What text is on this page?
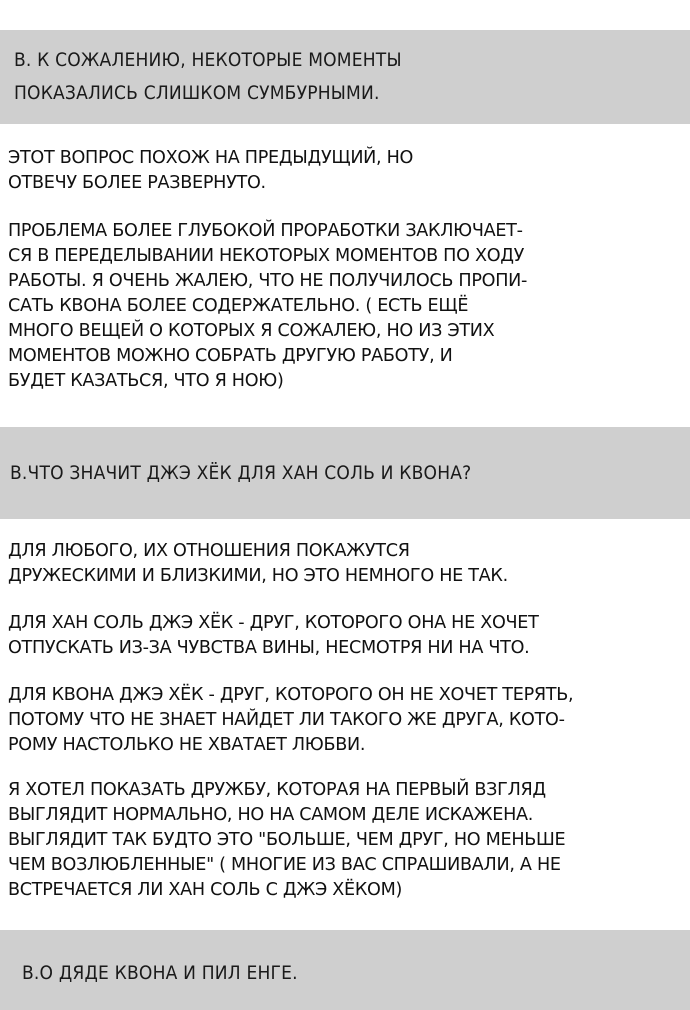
В. К СОЖАЛЕНИЮ, НЕКОТОРЫЕ МОМЕНТЫ
ПОКАЗАЛИСЬ СЛИШКОМ СУМБУРНЫМИ.
ЭТОТ ВОПРОС ПОХОЖ НА ПРЕДЫДУЩИЙ, НО
ОТВЕЧУ БОЛЕЕ РАЗВЕРНУТО.
ПРОБЛЕМА БОЛЕЕ ГЛУБОКОЙ ПРОРАБОТКИ ЗАКЛЮЧАЕТ-
СЯ В ПЕРЕДЕЛЫВАНИИ НЕКОТОРЫХ МОМЕНТОВ ПО ХОДУ
РАБОТЫ. Я ОЧЕНЬ ЖАЛЕЮ, ЧТО НЕ ПОЛУЧИЛОСЬ ПРОПИ-
САТЬ КВОНА БОЛЕЕ СОДЕРЖАТЕЛЬНО. ( ЕСТЬ ЕЩЁ
МНОГО ВЕЩЕЙ О КОТОРЫХ Я СОЖАЛЕЮ, НО ИЗ ЭТИХ
МОМЕНТОВ МОЖНО СОБРАТЬ ДРУГУЮ РАБОТУ, И
БУДЕТ КАЗАТЬСЯ, ЧТО Я НОЮ)
В.ЧТО ЗНАЧИТ ДЖЭ ХЁК ДЛЯ ХАН СОЛЬ И КВОНА?
ДЛЯ ЛЮБОГО, ИХ ОТНОШЕНИЯ ПОКАЖУТСЯ
ДРУЖЕСКИМИ И БЛИЗКИМИ, НО ЭТО НЕМНОГО НЕ ТАК.
ДЛЯ ХАН СОЛЬ ДЖЭ ХЁК - ДРУГ, КОТОРОГО ОНА НЕ ХОЧЕТ
ОТПУСКАТЬ ИЗ-ЗА ЧУВСТВА ВИНЫ, НЕСМОТРЯ НИ НА ЧТО.
ДЛЯ КВОНА ДЖЭ ХЁК - ДРУГ, КОТОРОГО ОН НЕ ХОЧЕТ ТЕРЯТЬ,
ПОТОМУ ЧТО НЕ ЗНАЕТ НАЙДЕТ ЛИ ТАКОГО ЖЕ ДРУГА, КОТО-
РОМУ НАСТОЛЬКО НЕ ХВАТАЕТ ЛЮБВИ.
Я ХОТЕЛ ПОКАЗАТЬ ДРУЖБУ, КОТОРАЯ НА ПЕРВЫЙ ВЗГЛЯД
ВЫГЛЯДИТ НОРМАЛЬНО, НО НА САМОМ ДЕЛЕ ИСКАЖЕНА.
ВЫГЛЯДИТ ТАК БУДТО ЭТО "БОЛЬШЕ, ЧЕМ ДРУГ, НО МЕНЬШЕ
ЧЕМ ВОЗЛЮБЛЕННЫЕ" ( МНОГИЕ ИЗ ВАС СПРАШИВАЛИ, А НЕ
ВСТРЕЧАЕТСЯ ЛИ ХАН СОЛЬ С ДЖЭ ХЁКОМ)
В.О ДЯДЕ КВОНА И ПИЛ ЕНГЕ.
